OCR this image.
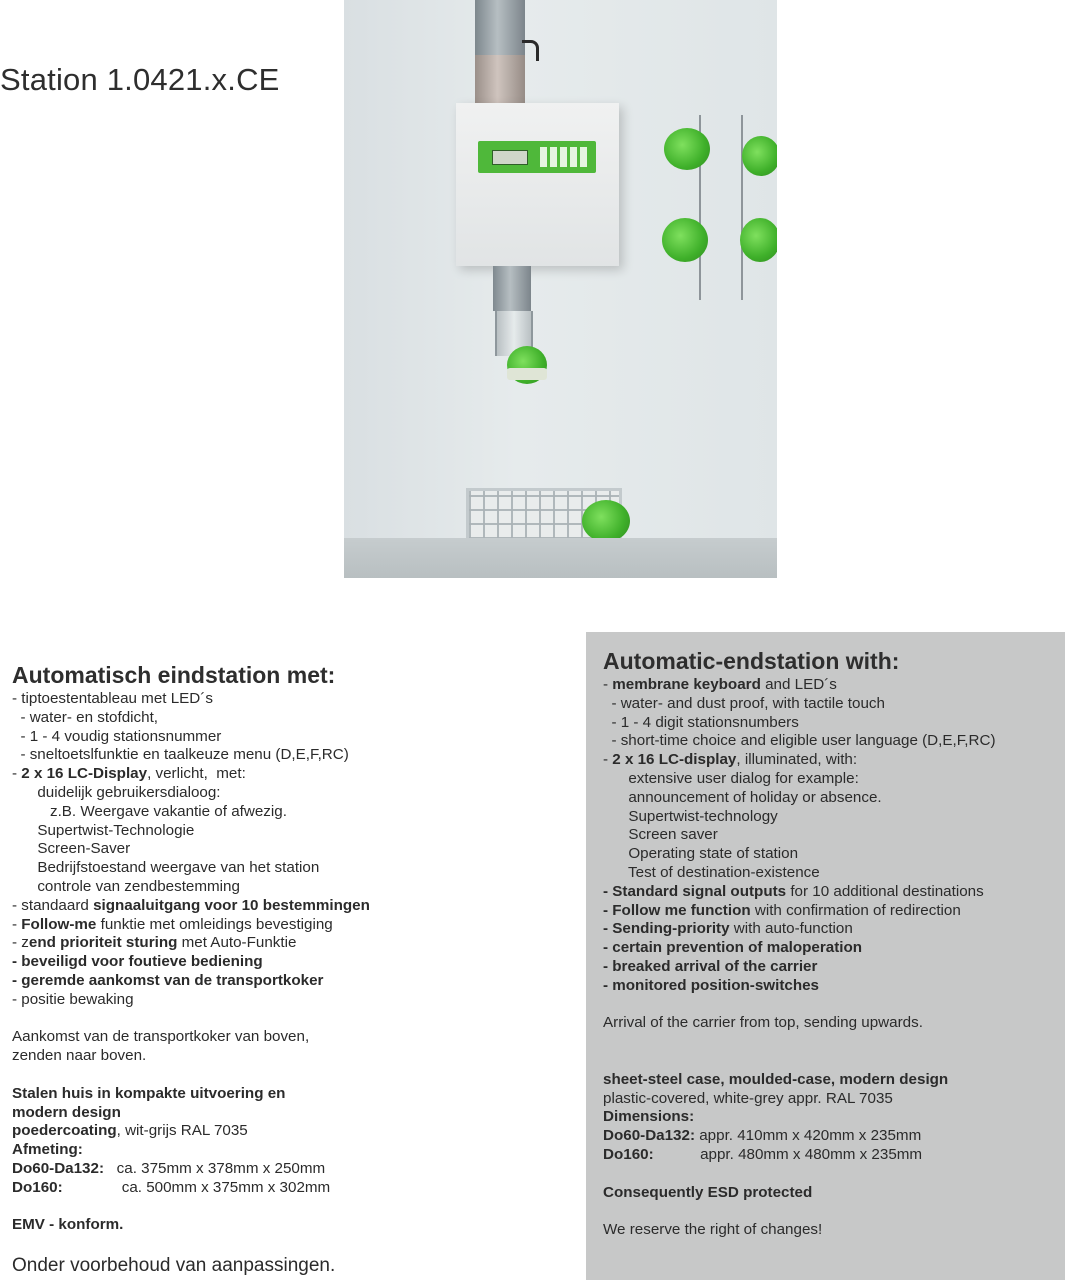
Station 1.0421.x.CE
Automatisch eindstation met:

- tiptoestentableau met LED´s

- water- en stofdicht,

- 1 - 4 voudig stationsnummer

- sneltoetslfunktie en taalkeuze menu (D,E,F,RC)

- 2 x 16 LC-Display, verlicht,  met:

duidelijk gebruikersdialoog:

z.B. Weergave vakantie of afwezig.

Supertwist-Technologie

Screen-Saver

Bedrijfstoestand weergave van het station

controle van zendbestemming

- standaard signaaluitgang voor 10 bestemmingen

- Follow-me funktie met omleidings bevestiging

- zend prioriteit sturing met Auto-Funktie

- beveiligd voor foutieve bediening

- geremde aankomst van de transportkoker

- positie bewaking

Aankomst van de transportkoker van boven,

zenden naar boven.

Stalen huis in kompakte uitvoering en

modern design

poedercoating, wit-grijs RAL 7035

Afmeting:

Do60-Da132:   ca. 375mm x 378mm x 250mm

Do160:              ca. 500mm x 375mm x 302mm

EMV - konform.

Onder voorbehoud van aanpassingen.

Automatic-endstation with:

- membrane keyboard and LED´s

- water- and dust proof, with tactile touch

- 1 - 4 digit stationsnumbers

- short-time choice and eligible user language (D,E,F,RC)

- 2 x 16 LC-display, illuminated, with:

extensive user dialog for example:

announcement of holiday or absence.

Supertwist-technology

Screen saver

Operating state of station

Test of destination-existence

- Standard signal outputs for 10 additional destinations

- Follow me function with confirmation of redirection

- Sending-priority with auto-function

- certain prevention of maloperation

- breaked arrival of the carrier

- monitored position-switches

Arrival of the carrier from top, sending upwards.

sheet-steel case, moulded-case, modern design

plastic-covered, white-grey appr. RAL 7035

Dimensions:

Do60-Da132: appr. 410mm x 420mm x 235mm

Do160:           appr. 480mm x 480mm x 235mm

Consequently ESD protected

We reserve the right of changes!
